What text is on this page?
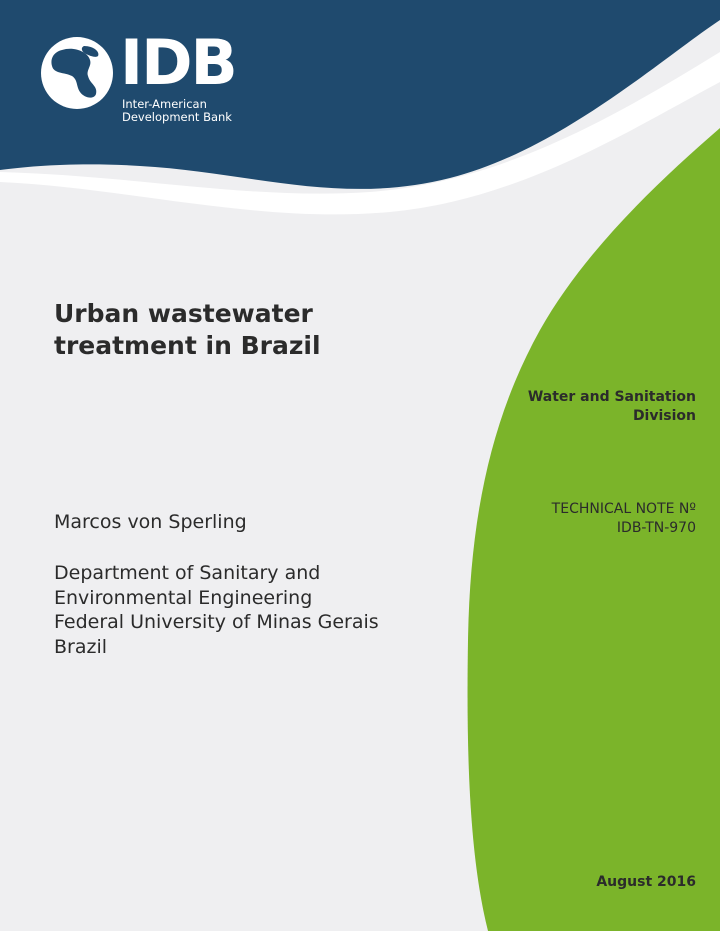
IDB
Inter-American
Development Bank
Urban wastewater
treatment in Brazil
Marcos von Sperling
Department of Sanitary and
Environmental Engineering
Federal University of Minas Gerais
Brazil
Water and Sanitation
Division
TECHNICAL NOTE Nº
IDB-TN-970
August 2016
